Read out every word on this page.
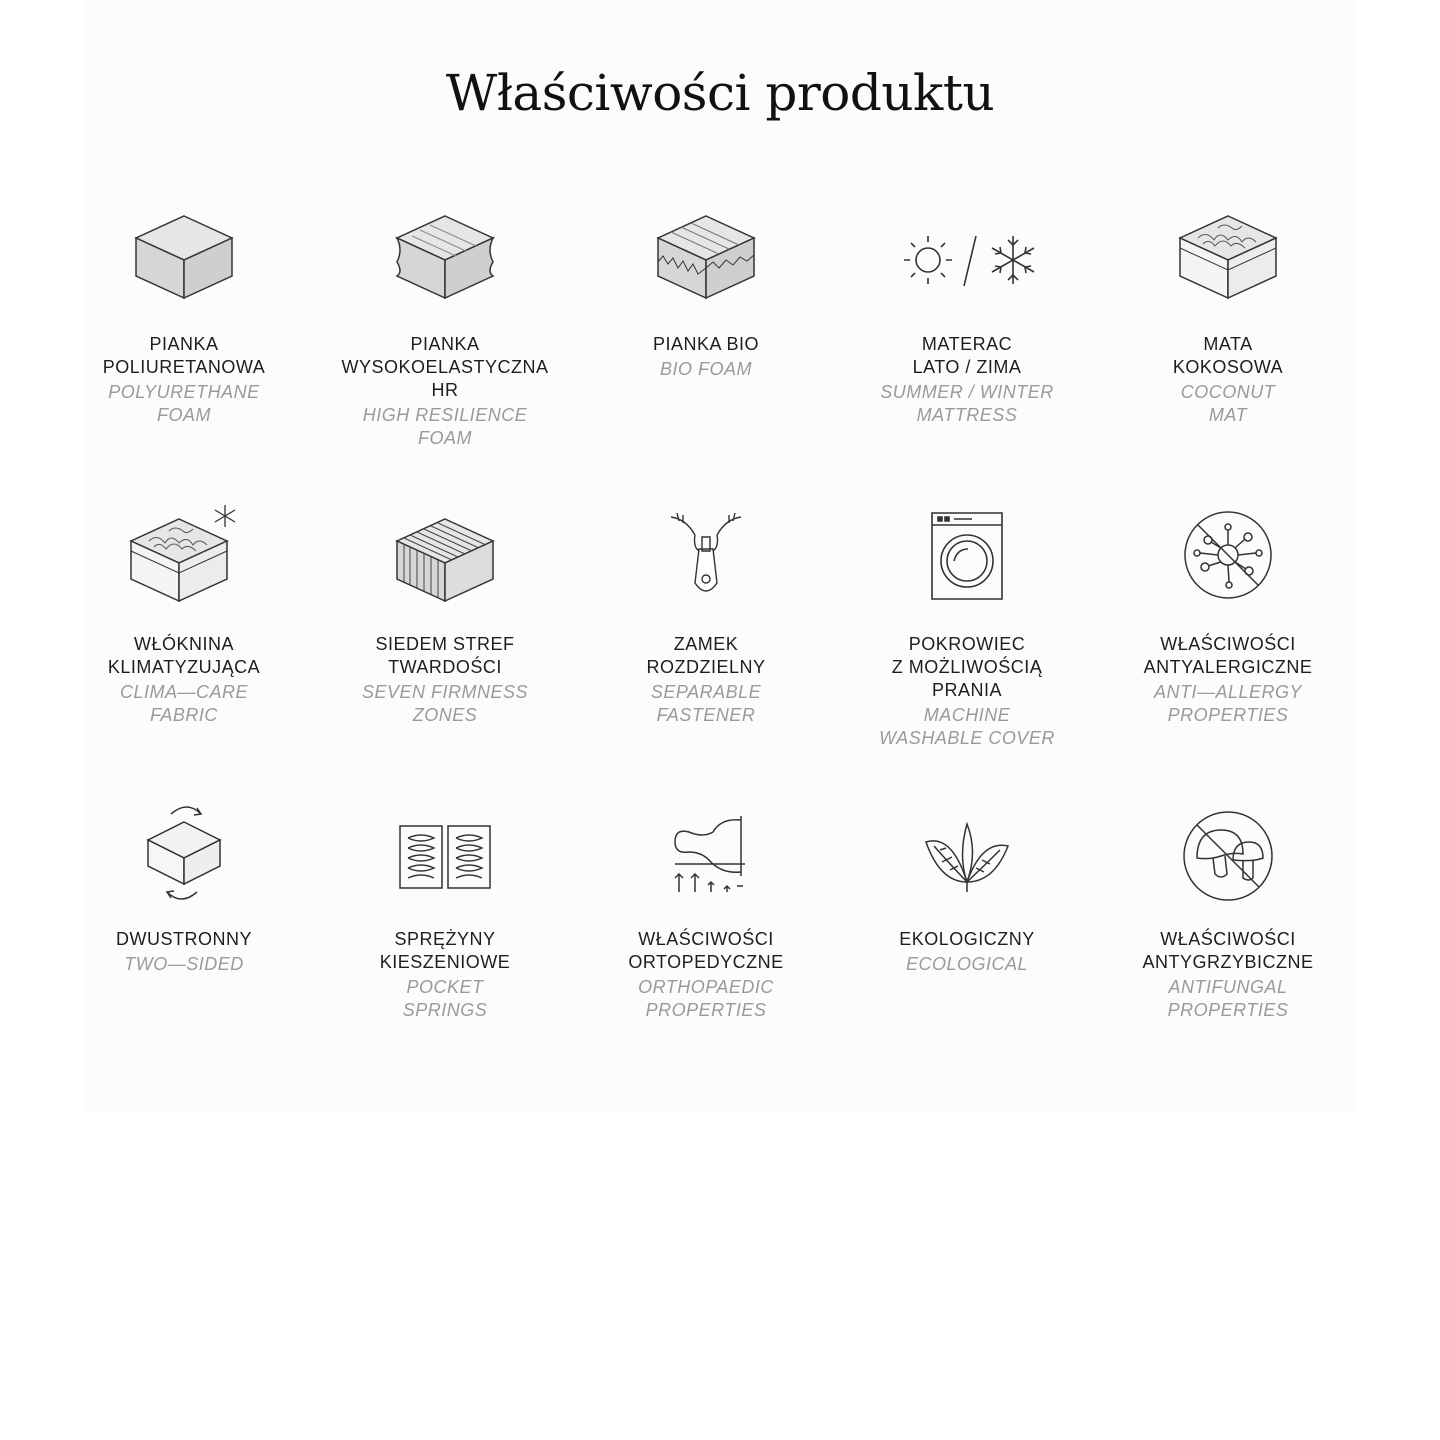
Właściwości produktu

PIANKA
POLIURETANOWA

POLYURETHANE
FOAM

PIANKA
WYSOKOELASTYCZNA
HR

HIGH RESILIENCE
FOAM

PIANKA BIO

BIO FOAM

MATERAC
LATO / ZIMA

SUMMER / WINTER
MATTRESS

MATA
KOKOSOWA

COCONUT
MAT

WŁÓKNINA
KLIMATYZUJĄCA

CLIMA—CARE
FABRIC

SIEDEM STREF
TWARDOŚCI

SEVEN FIRMNESS
ZONES

ZAMEK
ROZDZIELNY

SEPARABLE
FASTENER

POKROWIEC
Z MOŻLIWOŚCIĄ
PRANIA

MACHINE
WASHABLE COVER

WŁAŚCIWOŚCI
ANTYALERGICZNE

ANTI—ALLERGY
PROPERTIES

DWUSTRONNY

TWO—SIDED

SPRĘŻYNY
KIESZENIOWE

POCKET
SPRINGS

WŁAŚCIWOŚCI
ORTOPEDYCZNE

ORTHOPAEDIC
PROPERTIES

EKOLOGICZNY

ECOLOGICAL

WŁAŚCIWOŚCI
ANTYGRZYBICZNE

ANTIFUNGAL
PROPERTIES
